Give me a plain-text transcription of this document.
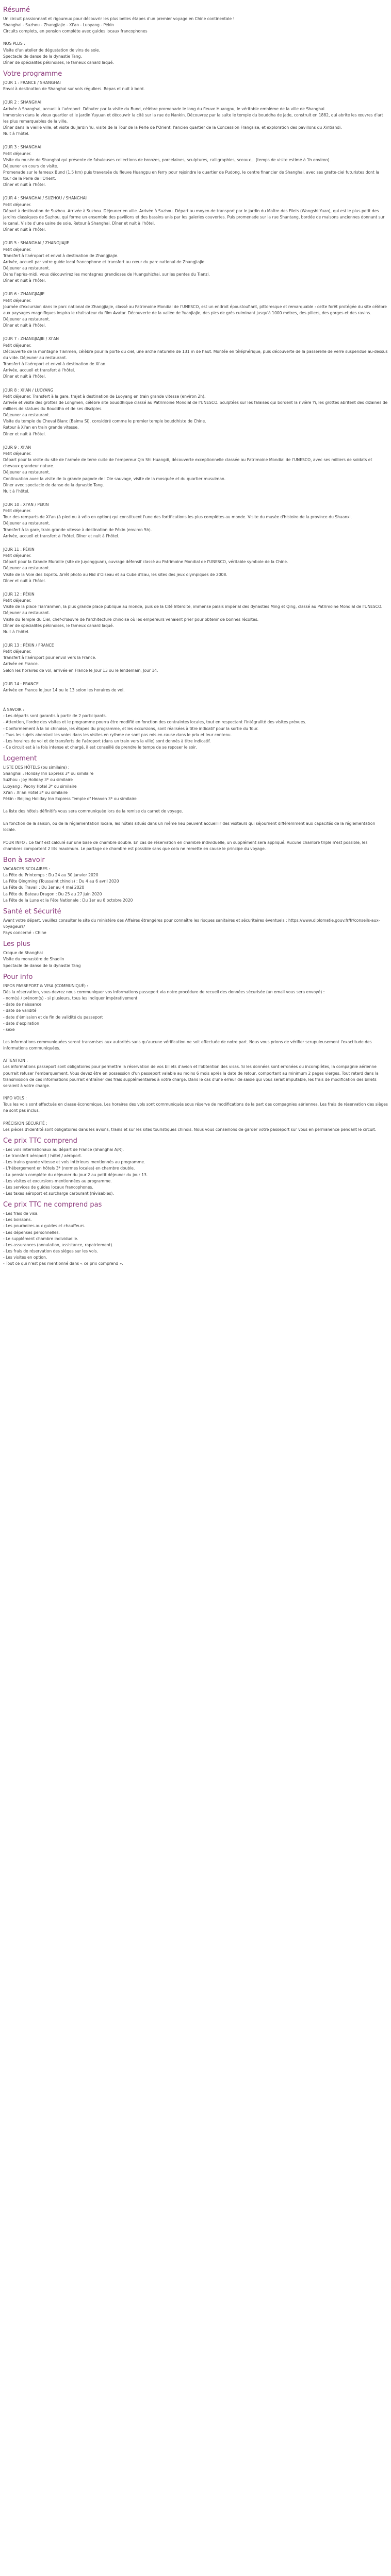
Résumé

Un circuit passionnant et rigoureux pour découvrir les plus belles étapes d'un premier voyage en Chine continentale !

Shanghai - Suzhou - Zhangjiajie - Xi'an - Luoyang - Pékin

Circuits complets, en pension complète avec guides locaux francophones

NOS PLUS :

Visite d'un atelier de dégustation de vins de soie.

Spectacle de danse de la dynastie Tang.

Dîner de spécialités pékinoises, le fameux canard laqué.

Votre programme

JOUR 1 : FRANCE / SHANGHAI

Envol à destination de Shanghai sur vols réguliers. Repas et nuit à bord.

JOUR 2 : SHANGHAI

Arrivée à Shanghai, accueil à l'aéroport. Débuter par la visite du Bund, célèbre promenade le long du fleuve Huangpu, le véritable emblème de la ville de Shanghai.

Immersion dans le vieux quartier et le jardin Yuyuan et découvrir la cité sur la rue de Nankin. Découvrez par la suite le temple du bouddha de jade, construit en 1882, qui abrite les œuvres d'art les plus remarquables de la ville.

Dîner dans la vieille ville, et visite du Jardin Yu, visite de la Tour de la Perle de l'Orient, l'ancien quartier de la Concession Française, et exploration des pavillons du Xintiandi.

Nuit à l'hôtel.

JOUR 3 : SHANGHAI

Petit déjeuner.

Visite du musée de Shanghai qui présente de fabuleuses collections de bronzes, porcelaines, sculptures, calligraphies, sceaux... (temps de visite estimé à 1h environ).

Déjeuner en cours de visite.

Promenade sur le fameux Bund (1,5 km) puis traversée du fleuve Huangpu en ferry pour rejoindre le quartier de Pudong, le centre financier de Shanghai, avec ses gratte-ciel futuristes dont la tour de la Perle de l'Orient.

Dîner et nuit à l'hôtel.

JOUR 4 : SHANGHAI / SUZHOU / SHANGHAI

Petit déjeuner.

Départ à destination de Suzhou. Arrivée à Suzhou. Déjeuner en ville. Arrivée à Suzhou. Départ au moyen de transport par le jardin du Maître des Filets (Wangshi Yuan), qui est le plus petit des jardins classiques de Suzhou, qui forme un ensemble des pavillons et des bassins unis par les galeries couvertes. Puis promenade sur la rue Shantang, bordée de maisons anciennes donnant sur le canal. Visite d'une usine de soie. Retour à Shanghai. Dîner et nuit à l'hôtel.

Dîner et nuit à l'hôtel.

JOUR 5 : SHANGHAI / ZHANGJIAJIE

Petit déjeuner.

Transfert à l'aéroport et envol à destination de Zhangjiajie.

Arrivée, accueil par votre guide local francophone et transfert au cœur du parc national de Zhangjiajie.

Déjeuner au restaurant.

Dans l'après-midi, vous découvrirez les montagnes grandioses de Huangshizhai, sur les pentes du Tianzi.

Dîner et nuit à l'hôtel.

JOUR 6 : ZHANGJIAJIE

Petit déjeuner.

Journée d'excursion dans le parc national de Zhangjiajie, classé au Patrimoine Mondial de l'UNESCO, est un endroit époustouflant, pittoresque et remarquable : cette forêt protégée du site célèbre aux paysages magnifiques inspira le réalisateur du film Avatar. Découverte de la vallée de Yuanjiajie, des pics de grès culminant jusqu'à 1000 mètres, des piliers, des gorges et des ravins.

Déjeuner au restaurant.

Dîner et nuit à l'hôtel.

JOUR 7 : ZHANGJIAJIE / XI'AN

Petit déjeuner.

Découverte de la montagne Tianmen, célèbre pour la porte du ciel, une arche naturelle de 131 m de haut. Montée en téléphérique, puis découverte de la passerelle de verre suspendue au-dessus du vide. Déjeuner au restaurant.

Transfert à l'aéroport et envol à destination de Xi'an.

Arrivée, accueil et transfert à l'hôtel.

Dîner et nuit à l'hôtel.

JOUR 8 : XI'AN / LUOYANG

Petit déjeuner. Transfert à la gare, trajet à destination de Luoyang en train grande vitesse (environ 2h).

Arrivée et visite des grottes de Longmen, célèbre site bouddhique classé au Patrimoine Mondial de l'UNESCO. Sculptées sur les falaises qui bordent la rivière Yi, les grottes abritent des dizaines de milliers de statues du Bouddha et de ses disciples.

Déjeuner au restaurant.

Visite du temple du Cheval Blanc (Baima Si), considéré comme le premier temple bouddhiste de Chine.

Retour à Xi'an en train grande vitesse.

Dîner et nuit à l'hôtel.

JOUR 9 : XI'AN

Petit déjeuner.

Départ pour la visite du site de l'armée de terre cuite de l'empereur Qin Shi Huangdi, découverte exceptionnelle classée au Patrimoine Mondial de l'UNESCO, avec ses milliers de soldats et chevaux grandeur nature.

Déjeuner au restaurant.

Continuation avec la visite de la grande pagode de l'Oie sauvage, visite de la mosquée et du quartier musulman.

Dîner avec spectacle de danse de la dynastie Tang.

Nuit à l'hôtel.

JOUR 10 : XI'AN / PÉKIN

Petit déjeuner.

Tour des remparts de Xi'an (à pied ou à vélo en option) qui constituent l'une des fortifications les plus complètes au monde. Visite du musée d'histoire de la province du Shaanxi.

Déjeuner au restaurant.

Transfert à la gare, train grande vitesse à destination de Pékin (environ 5h).

Arrivée, accueil et transfert à l'hôtel. Dîner et nuit à l'hôtel.

JOUR 11 : PÉKIN

Petit déjeuner.

Départ pour la Grande Muraille (site de Juyongguan), ouvrage défensif classé au Patrimoine Mondial de l'UNESCO, véritable symbole de la Chine.

Déjeuner au restaurant.

Visite de la Voie des Esprits. Arrêt photo au Nid d'Oiseau et au Cube d'Eau, les sites des jeux olympiques de 2008.

Dîner et nuit à l'hôtel.

JOUR 12 : PÉKIN

Petit déjeuner.

Visite de la place Tian'anmen, la plus grande place publique au monde, puis de la Cité Interdite, immense palais impérial des dynasties Ming et Qing, classé au Patrimoine Mondial de l'UNESCO.

Déjeuner au restaurant.

Visite du Temple du Ciel, chef-d'œuvre de l'architecture chinoise où les empereurs venaient prier pour obtenir de bonnes récoltes.

Dîner de spécialités pékinoises, le fameux canard laqué.

Nuit à l'hôtel.

JOUR 13 : PÉKIN / FRANCE

Petit déjeuner.

Transfert à l'aéroport pour envol vers la France.

Arrivée en France.

Selon les horaires de vol, arrivée en France le Jour 13 ou le lendemain, Jour 14.

JOUR 14 : FRANCE

Arrivée en France le Jour 14 ou le 13 selon les horaires de vol.

À SAVOIR :

- Les départs sont garantis à partir de 2 participants.

- Attention, l'ordre des visites et le programme pourra être modifié en fonction des contraintes locales, tout en respectant l'intégralité des visites prévues.

- Conformément à la loi chinoise, les étapes du programme, et les excursions, sont réalisées à titre indicatif pour la sortie du Tour.

- Tous les sujets abordant les voies dans les visites en rythme ne sont pas mis en cause dans le prix et leur contenu.

- Les horaires de vol et de transferts de l'aéroport (dans un train vers la ville) sont donnés à titre indicatif.

- Ce circuit est à la fois intense et chargé, il est conseillé de prendre le temps de se reposer le soir.

Logement

LISTE DES HÔTELS (ou similaire) :

Shanghai : Holiday Inn Express 3* ou similaire

Suzhou : Joy Holiday 3* ou similaire

Luoyang : Peony Hotel 3* ou similaire

Xi'an : Xi'an Hotel 3* ou similaire

Pékin : Beijing Holiday Inn Express Temple of Heaven 3* ou similaire

La liste des hôtels définitifs vous sera communiquée lors de la remise du carnet de voyage.

En fonction de la saison, ou de la réglementation locale, les hôtels situés dans un même lieu peuvent accueillir des visiteurs qui séjournent différemment aux capacités de la réglementation locale.

POUR INFO : Ce tarif est calculé sur une base de chambre double. En cas de réservation en chambre individuelle, un supplément sera appliqué. Aucune chambre triple n'est possible, les chambres comportent 2 lits maximum. Le partage de chambre est possible sans que cela ne remette en cause le principe du voyage.

Bon à savoir

VACANCES SCOLAIRES :

La Fête du Printemps : Du 24 au 30 janvier 2020

La Fête Qingming (Toussaint chinois) : Du 4 au 6 avril 2020

La Fête du Travail : Du 1er au 4 mai 2020

La Fête du Bateau Dragon : Du 25 au 27 juin 2020

La Fête de la Lune et la Fête Nationale : Du 1er au 8 octobre 2020

Santé et Sécurité

Avant votre départ, veuillez consulter le site du ministère des Affaires étrangères pour connaître les risques sanitaires et sécuritaires éventuels : https://www.diplomatie.gouv.fr/fr/conseils-aux-voyageurs/

Pays concerné : Chine

Les plus

Croque de Shanghai

Visite du monastère de Shaolin

Spectacle de danse de la dynastie Tang

Pour info

INFOS PASSEPORT & VISA (COMMUNIQUÉ) :

Dès la réservation, vous devrez nous communiquer vos informations passeport via notre procédure de recueil des données sécurisée (un email vous sera envoyé) :

- nom(s) / prénom(s) - si plusieurs, tous les indiquer impérativement

- date de naissance

- date de validité

- date d'émission et de fin de validité du passeport

- date d'expiration

- sexe

Les informations communiquées seront transmises aux autorités sans qu'aucune vérification ne soit effectuée de notre part. Nous vous prions de vérifier scrupuleusement l'exactitude des informations communiquées.

ATTENTION :

Les informations passeport sont obligatoires pour permettre la réservation de vos billets d'avion et l'obtention des visas. Si les données sont erronées ou incomplètes, la compagnie aérienne pourrait refuser l'embarquement. Vous devez être en possession d'un passeport valable au moins 6 mois après la date de retour, comportant au minimum 2 pages vierges. Tout retard dans la transmission de ces informations pourrait entraîner des frais supplémentaires à votre charge. Dans le cas d'une erreur de saisie qui vous serait imputable, les frais de modification des billets seraient à votre charge.

INFO VOLS :

Tous les vols sont effectués en classe économique. Les horaires des vols sont communiqués sous réserve de modifications de la part des compagnies aériennes. Les frais de réservation des sièges ne sont pas inclus.

PRÉCISION SÉCURITÉ :

Les pièces d'identité sont obligatoires dans les avions, trains et sur les sites touristiques chinois. Nous vous conseillons de garder votre passeport sur vous en permanence pendant le circuit.

Ce prix TTC comprend

- Les vols internationaux au départ de France (Shanghai A/R).

- Le transfert aéroport / hôtel / aéroport.

- Les trains grande vitesse et vols intérieurs mentionnés au programme.

- L'hébergement en hôtels 3* (normes locales) en chambre double.

- La pension complète du déjeuner du jour 2 au petit déjeuner du jour 13.

- Les visites et excursions mentionnées au programme.

- Les services de guides locaux francophones.

- Les taxes aéroport et surcharge carburant (révisables).

Ce prix TTC ne comprend pas

- Les frais de visa.

- Les boissons.

- Les pourboires aux guides et chauffeurs.

- Les dépenses personnelles.

- Le supplément chambre individuelle.

- Les assurances (annulation, assistance, rapatriement).

- Les frais de réservation des sièges sur les vols.

- Les visites en option.

- Tout ce qui n'est pas mentionné dans « ce prix comprend ».
